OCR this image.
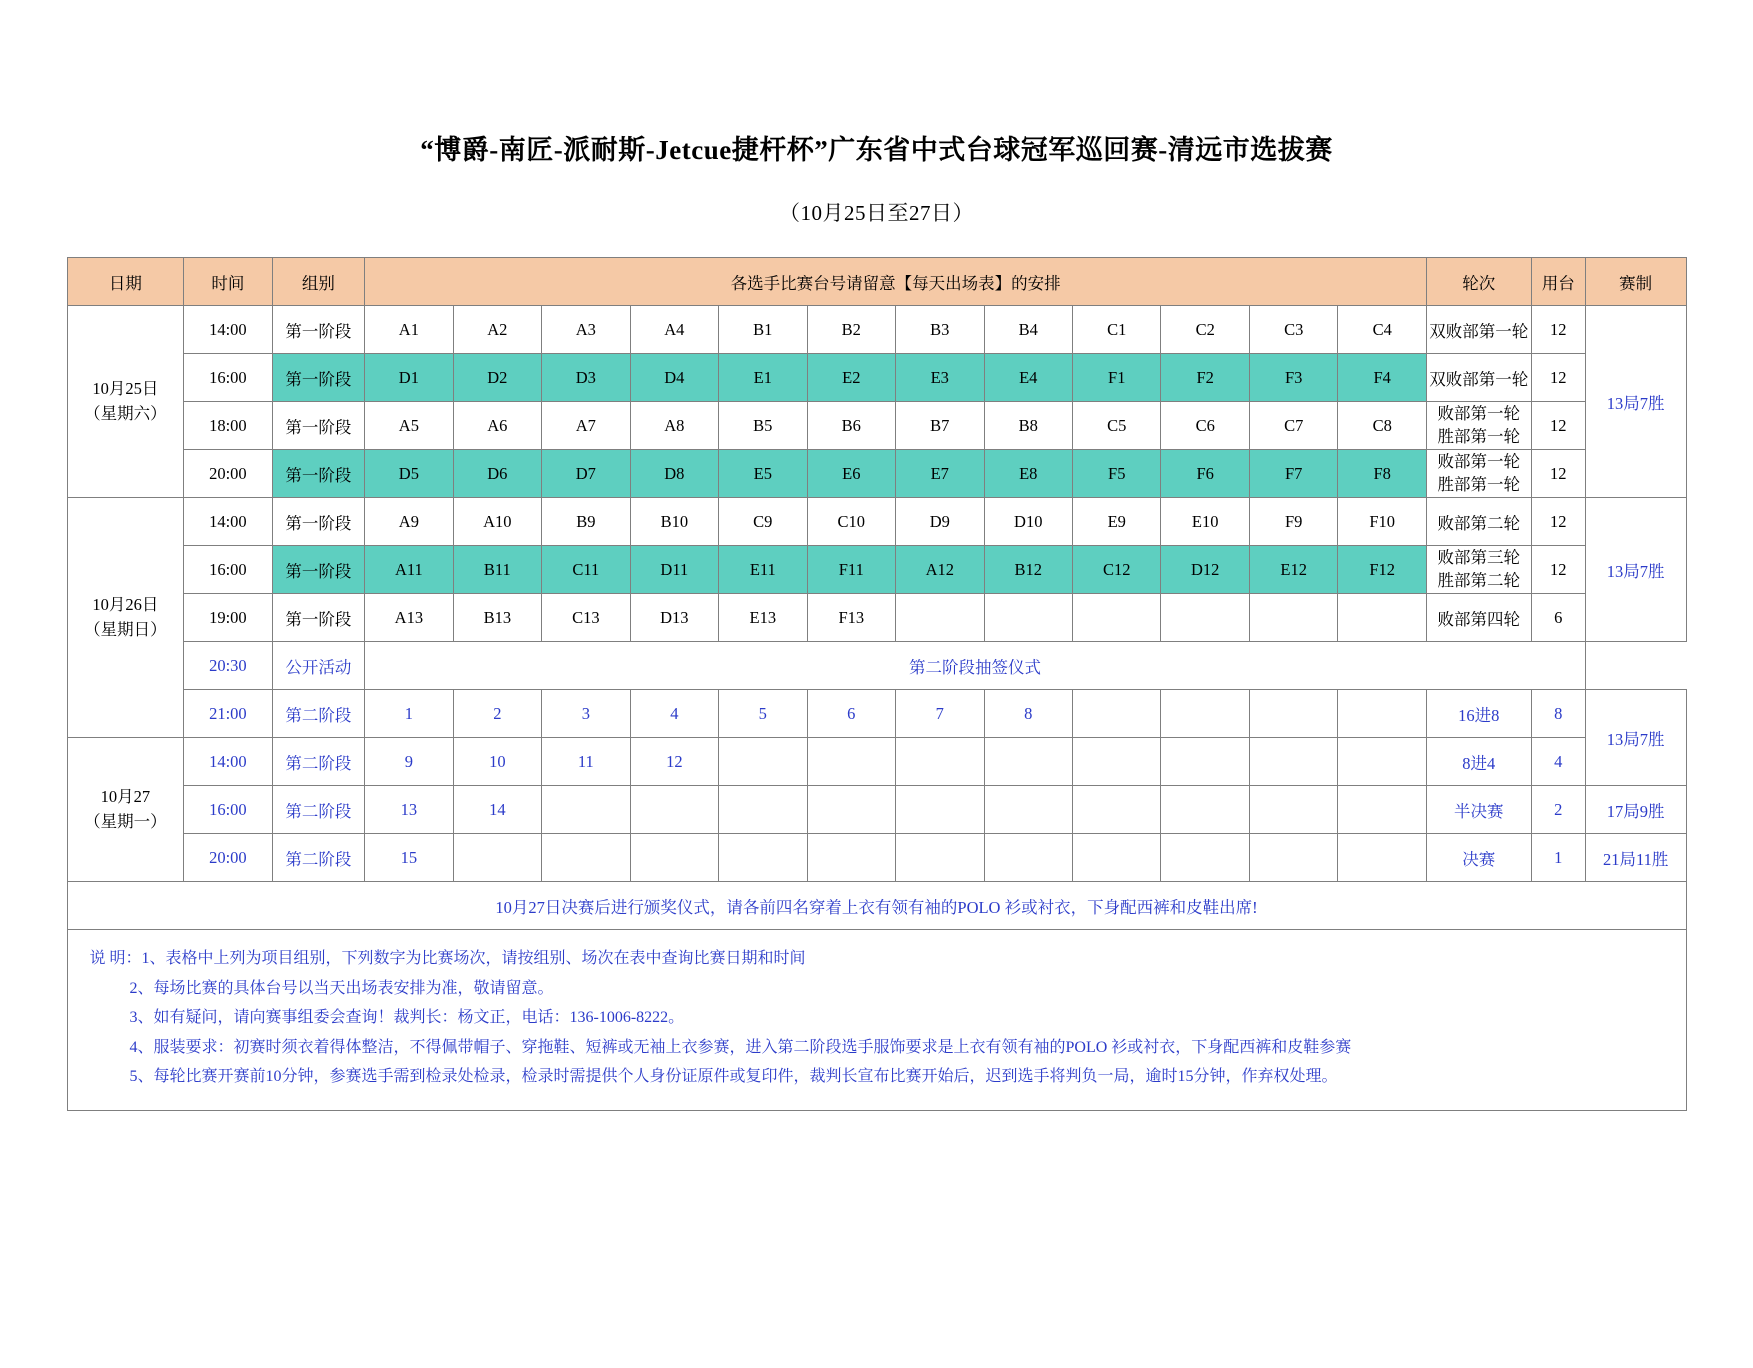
“博爵-南匠-派耐斯-Jetcue捷杆杯”广东省中式台球冠军巡回赛-清远市选拔赛
（10月25日至27日）
日期	时间	组别	各选手比赛台号请留意【每天出场表】的安排												轮次	用台	赛制
10月25日
（星期六）	14:00	第一阶段	A1	A2	A3	A4	B1	B2	B3	B4	C1	C2	C3	C4	双败部第一轮	12	13局7胜
	16:00	第一阶段	D1	D2	D3	D4	E1	E2	E3	E4	F1	F2	F3	F4	双败部第一轮	12	
	18:00	第一阶段	A5	A6	A7	A8	B5	B6	B7	B8	C5	C6	C7	C8	败部第一轮
胜部第一轮	12	
	20:00	第一阶段	D5	D6	D7	D8	E5	E6	E7	E8	F5	F6	F7	F8	败部第一轮
胜部第一轮	12	
10月26日
（星期日）	14:00	第一阶段	A9	A10	B9	B10	C9	C10	D9	D10	E9	E10	F9	F10	败部第二轮	12	13局7胜
	16:00	第一阶段	A11	B11	C11	D11	E11	F11	A12	B12	C12	D12	E12	F12	败部第三轮
胜部第二轮	12	
	19:00	第一阶段	A13	B13	C13	D13	E13	F13							败部第四轮	6	
	20:30	公开活动	第二阶段抽签仪式														
	21:00	第二阶段	1	2	3	4	5	6	7	8					16进8	8	13局7胜
10月27
（星期一）	14:00	第二阶段	9	10	11	12									8进4	4	
	16:00	第二阶段	13	14											半决赛	2	17局9胜
	20:00	第二阶段	15												决赛	1	21局11胜
10月27日决赛后进行颁奖仪式，请各前四名穿着上衣有领有袖的POLO 衫或衬衣，下身配西裤和皮鞋出席!																	
说 明：1、表格中上列为项目组别，下列数字为比赛场次，请按组别、场次在表中查询比赛日期和时间
2、每场比赛的具体台号以当天出场表安排为准，敬请留意。
3、如有疑问，请向赛事组委会查询！裁判长：杨文正，电话：136-1006-8222。
4、服装要求：初赛时须衣着得体整洁，不得佩带帽子、穿拖鞋、短裤或无袖上衣参赛，进入第二阶段选手服饰要求是上衣有领有袖的POLO 衫或衬衣，下身配西裤和皮鞋参赛
5、每轮比赛开赛前10分钟，参赛选手需到检录处检录，检录时需提供个人身份证原件或复印件，裁判长宣布比赛开始后，迟到选手将判负一局，逾时15分钟，作弃权处理。
